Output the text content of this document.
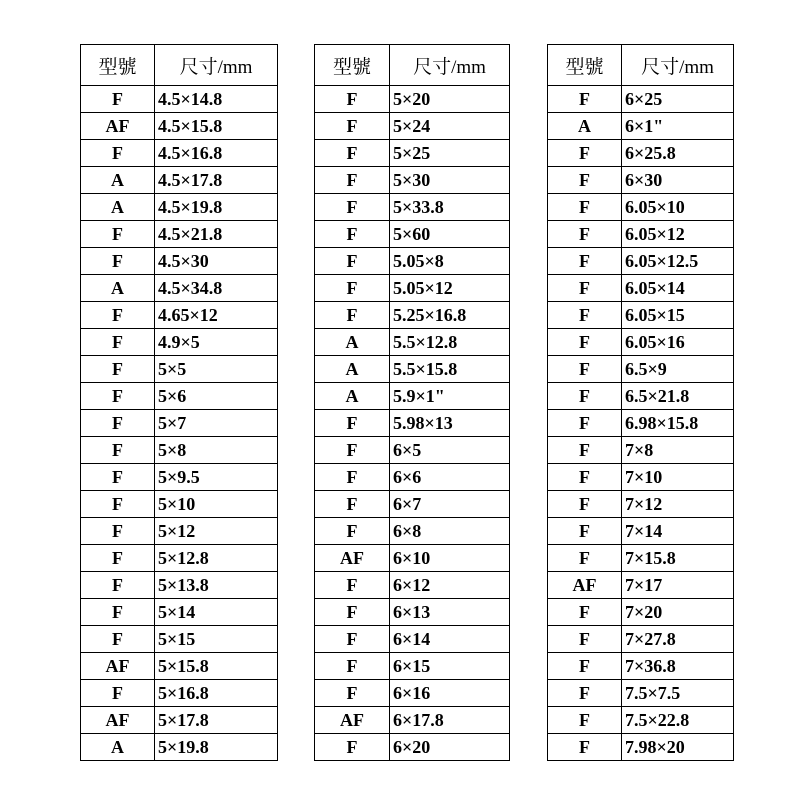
型號	尺寸/mm
F	4.5×14.8
AF	4.5×15.8
F	4.5×16.8
A	4.5×17.8
A	4.5×19.8
F	4.5×21.8
F	4.5×30
A	4.5×34.8
F	4.65×12
F	4.9×5
F	5×5
F	5×6
F	5×7
F	5×8
F	5×9.5
F	5×10
F	5×12
F	5×12.8
F	5×13.8
F	5×14
F	5×15
AF	5×15.8
F	5×16.8
AF	5×17.8
A	5×19.8
型號	尺寸/mm
F	5×20
F	5×24
F	5×25
F	5×30
F	5×33.8
F	5×60
F	5.05×8
F	5.05×12
F	5.25×16.8
A	5.5×12.8
A	5.5×15.8
A	5.9×1"
F	5.98×13
F	6×5
F	6×6
F	6×7
F	6×8
AF	6×10
F	6×12
F	6×13
F	6×14
F	6×15
F	6×16
AF	6×17.8
F	6×20
型號	尺寸/mm
F	6×25
A	6×1"
F	6×25.8
F	6×30
F	6.05×10
F	6.05×12
F	6.05×12.5
F	6.05×14
F	6.05×15
F	6.05×16
F	6.5×9
F	6.5×21.8
F	6.98×15.8
F	7×8
F	7×10
F	7×12
F	7×14
F	7×15.8
AF	7×17
F	7×20
F	7×27.8
F	7×36.8
F	7.5×7.5
F	7.5×22.8
F	7.98×20
